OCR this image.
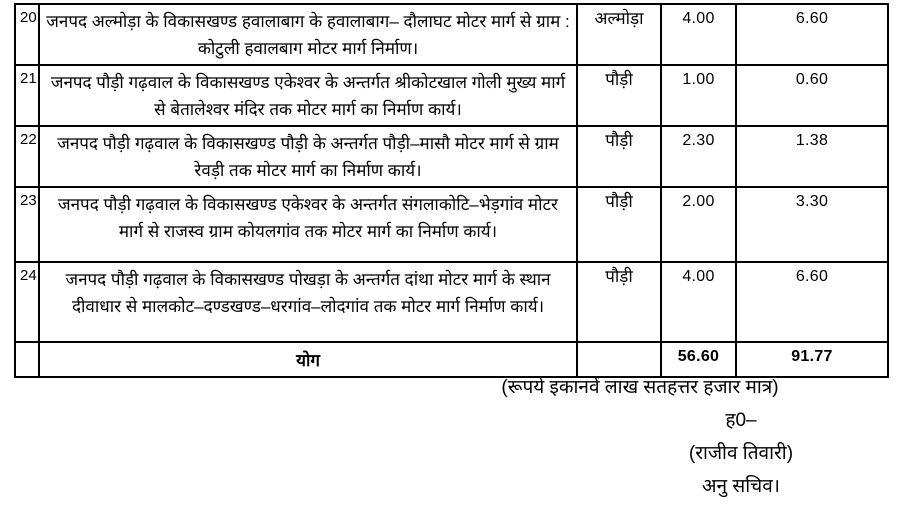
20	जनपद अल्मोड़ा के विकासखण्ड हवालाबाग के हवालाबाग– दौलाघट मोटर मार्ग से ग्राम : कोटुली हवालबाग मोटर मार्ग निर्माण।	अल्मोड़ा	4.00	6.60
21	जनपद पौड़ी गढ़वाल के विकासखण्ड एकेश्वर के अन्तर्गत श्रीकोटखाल गोली मुख्य मार्ग से बेतालेश्वर मंदिर तक मोटर मार्ग का निर्माण कार्य।	पौड़ी	1.00	0.60
22	जनपद पौड़ी गढ़वाल के विकासखण्ड पौड़ी के अन्तर्गत पौड़ी–मासौ मोटर मार्ग से ग्राम रेवड़ी तक मोटर मार्ग का निर्माण कार्य।	पौड़ी	2.30	1.38
23	जनपद पौड़ी गढ़वाल के विकासखण्ड एकेश्वर के अन्तर्गत संगलाकोटि–भेड़गांव मोटर मार्ग से राजस्व ग्राम कोयलगांव तक मोटर मार्ग का निर्माण कार्य।	पौड़ी	2.00	3.30
24	जनपद पौड़ी गढ़वाल के विकासखण्ड पोखड़ा के अन्तर्गत दांथा मोटर मार्ग के स्थान दीवाधार से मालकोट–दण्डखण्ड–धरगांव–लोदगांव तक मोटर मार्ग निर्माण कार्य।	पौड़ी	4.00	6.60
	योग		56.60	91.77
(रूपये इकानवें लाख सतहत्तर हजार मात्र)
ह0–
(राजीव तिवारी)
अनु सचिव।
